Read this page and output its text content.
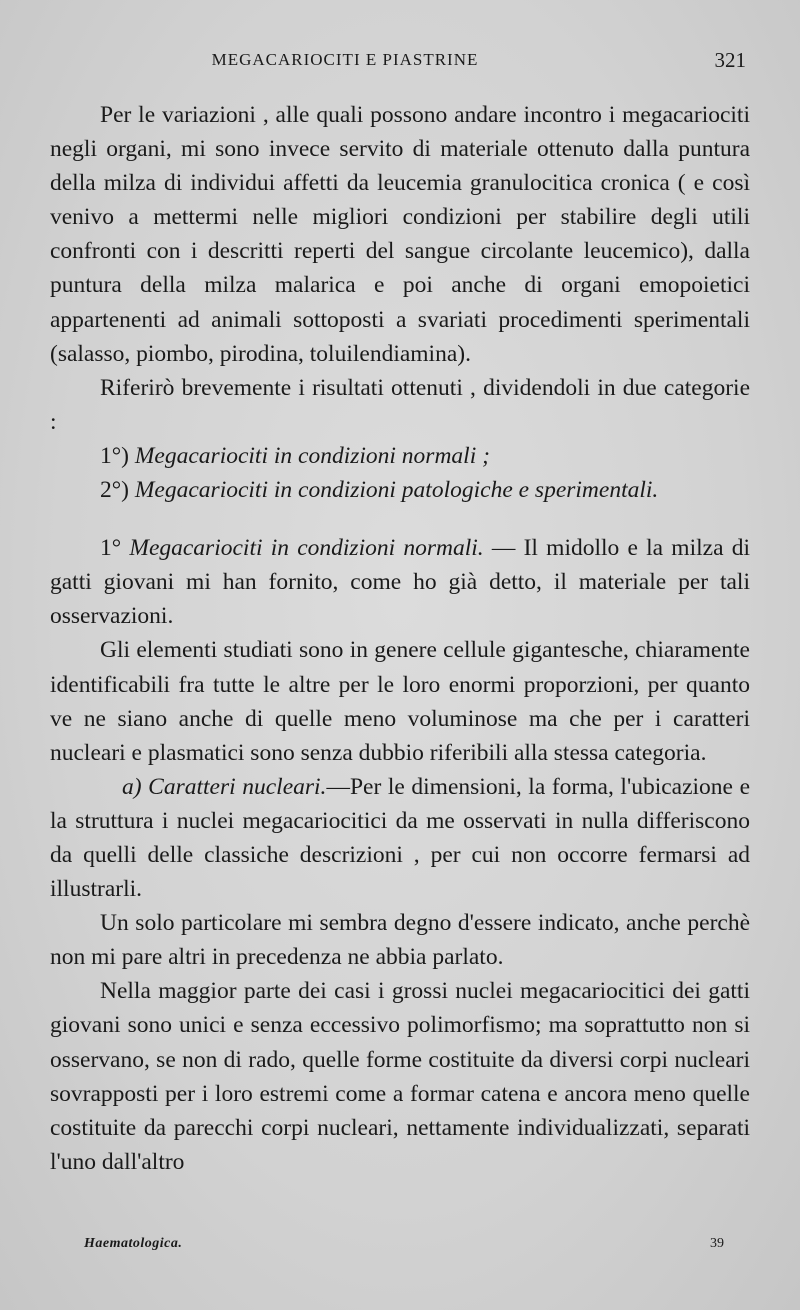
MEGACARIOCITI E PIASTRINE	321

Per le variazioni , alle quali possono andare incontro i megacariociti negli organi, mi sono invece servito di materiale ottenuto dalla puntura della milza di individui affetti da leucemia granulocitica cronica ( e così venivo a mettermi nelle migliori condizioni per stabilire degli utili confronti con i descritti reperti del sangue circolante leucemico), dalla puntura della milza malarica e poi anche di organi emopoietici appartenenti ad animali sottoposti a svariati procedimenti sperimentali (salasso, piombo, pirodina, toluilendiamina).

Riferirò brevemente i risultati ottenuti , dividendoli in due categorie :

1°) Megacariociti in condizioni normali ;

2°) Megacariociti in condizioni patologiche e sperimentali.

1° Megacariociti in condizioni normali. — Il midollo e la milza di gatti giovani mi han fornito, come ho già detto, il materiale per tali osservazioni.

Gli elementi studiati sono in genere cellule gigantesche, chiaramente identificabili fra tutte le altre per le loro enormi proporzioni, per quanto ve ne siano anche di quelle meno voluminose ma che per i caratteri nucleari e plasmatici sono senza dubbio riferibili alla stessa categoria.

a) Caratteri nucleari.—Per le dimensioni, la forma, l'ubicazione e la struttura i nuclei megacariocitici da me osservati in nulla differiscono da quelli delle classiche descrizioni , per cui non occorre fermarsi ad illustrarli.

Un solo particolare mi sembra degno d'essere indicato, anche perchè non mi pare altri in precedenza ne abbia parlato.

Nella maggior parte dei casi i grossi nuclei megacariocitici dei gatti giovani sono unici e senza eccessivo polimorfismo; ma soprattutto non si osservano, se non di rado, quelle forme costituite da diversi corpi nucleari sovrapposti per i loro estremi come a formar catena e ancora meno quelle costituite da parecchi corpi nucleari, nettamente individualizzati, separati l'uno dall'altro

Haematologica.	39
